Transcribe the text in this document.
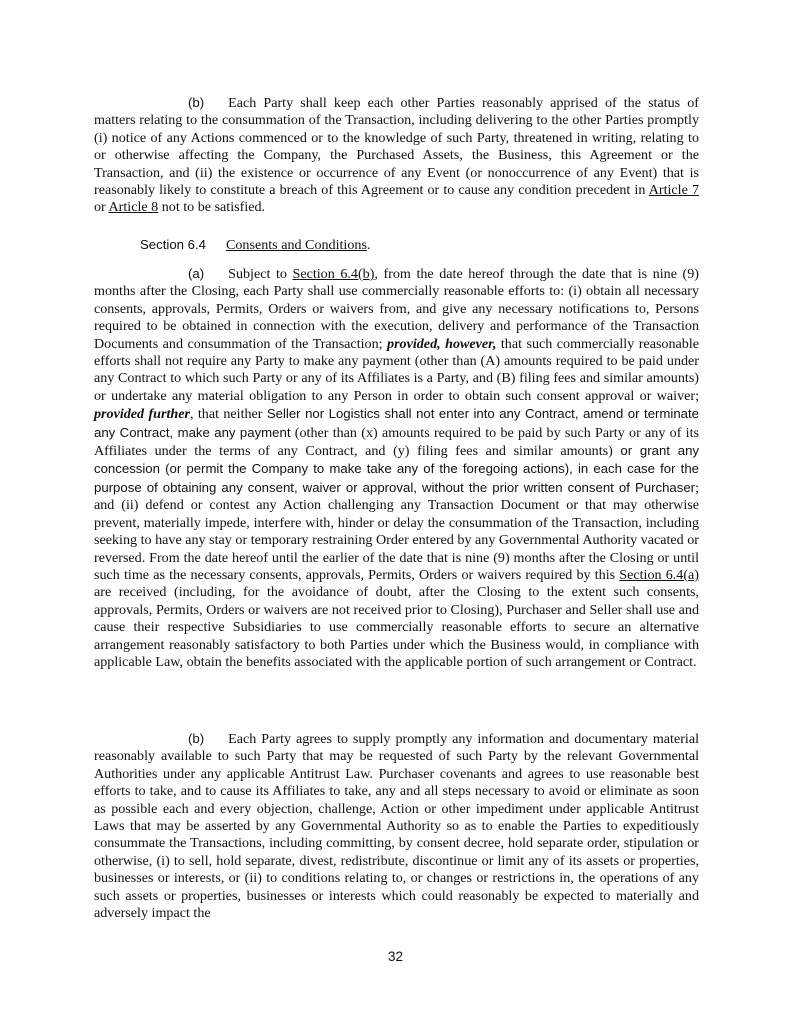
(b) Each Party shall keep each other Parties reasonably apprised of the status of matters relating to the consummation of the Transaction, including delivering to the other Parties promptly (i) notice of any Actions commenced or to the knowledge of such Party, threatened in writing, relating to or otherwise affecting the Company, the Purchased Assets, the Business, this Agreement or the Transaction, and (ii) the existence or occurrence of any Event (or nonoccurrence of any Event) that is reasonably likely to constitute a breach of this Agreement or to cause any condition precedent in Article 7 or Article 8 not to be satisfied.

Section 6.4 Consents and Conditions.

(a) Subject to Section 6.4(b), from the date hereof through the date that is nine (9) months after the Closing, each Party shall use commercially reasonable efforts to: (i) obtain all necessary consents, approvals, Permits, Orders or waivers from, and give any necessary notifications to, Persons required to be obtained in connection with the execution, delivery and performance of the Transaction Documents and consummation of the Transaction; provided, however, that such commercially reasonable efforts shall not require any Party to make any payment (other than (A) amounts required to be paid under any Contract to which such Party or any of its Affiliates is a Party, and (B) filing fees and similar amounts) or undertake any material obligation to any Person in order to obtain such consent approval or waiver; provided further, that neither Seller nor Logistics shall not enter into any Contract, amend or terminate any Contract, make any payment (other than (x) amounts required to be paid by such Party or any of its Affiliates under the terms of any Contract, and (y) filing fees and similar amounts) or grant any concession (or permit the Company to make take any of the foregoing actions), in each case for the purpose of obtaining any consent, waiver or approval, without the prior written consent of Purchaser; and (ii) defend or contest any Action challenging any Transaction Document or that may otherwise prevent, materially impede, interfere with, hinder or delay the consummation of the Transaction, including seeking to have any stay or temporary restraining Order entered by any Governmental Authority vacated or reversed. From the date hereof until the earlier of the date that is nine (9) months after the Closing or until such time as the necessary consents, approvals, Permits, Orders or waivers required by this Section 6.4(a) are received (including, for the avoidance of doubt, after the Closing to the extent such consents, approvals, Permits, Orders or waivers are not received prior to Closing), Purchaser and Seller shall use and cause their respective Subsidiaries to use commercially reasonable efforts to secure an alternative arrangement reasonably satisfactory to both Parties under which the Business would, in compliance with applicable Law, obtain the benefits associated with the applicable portion of such arrangement or Contract.

(b) Each Party agrees to supply promptly any information and documentary material reasonably available to such Party that may be requested of such Party by the relevant Governmental Authorities under any applicable Antitrust Law. Purchaser covenants and agrees to use reasonable best efforts to take, and to cause its Affiliates to take, any and all steps necessary to avoid or eliminate as soon as possible each and every objection, challenge, Action or other impediment under applicable Antitrust Laws that may be asserted by any Governmental Authority so as to enable the Parties to expeditiously consummate the Transactions, including committing, by consent decree, hold separate order, stipulation or otherwise, (i) to sell, hold separate, divest, redistribute, discontinue or limit any of its assets or properties, businesses or interests, or (ii) to conditions relating to, or changes or restrictions in, the operations of any such assets or properties, businesses or interests which could reasonably be expected to materially and adversely impact the

32
